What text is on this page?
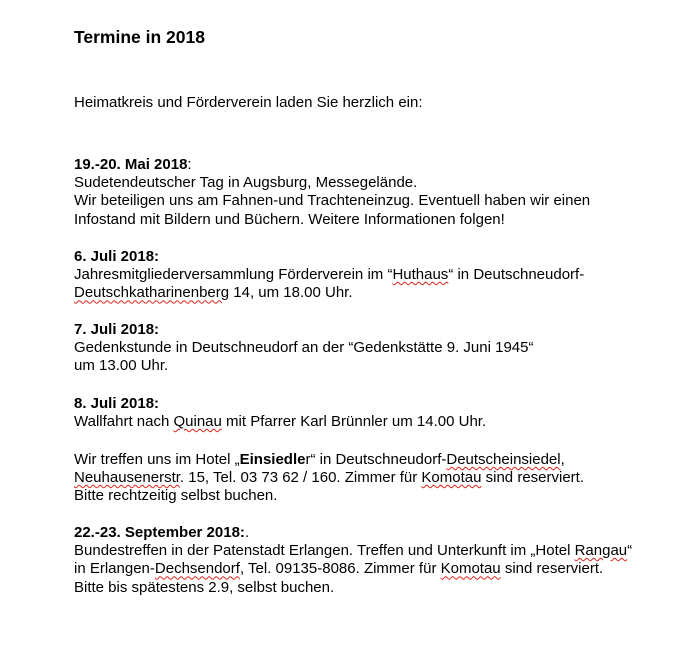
Termine in 2018
Heimatkreis und Förderverein laden Sie herzlich ein:
19.-20. Mai 2018:
Sudetendeutscher Tag in Augsburg, Messegelände.
Wir beteiligen uns am Fahnen-und Trachteneinzug. Eventuell haben wir einen
Infostand mit Bildern und Büchern. Weitere Informationen folgen!
6. Juli 2018:
Jahresmitgliederversammlung Förderverein im “Huthaus“ in Deutschneudorf-
Deutschkatharinenberg 14, um 18.00 Uhr.
7. Juli 2018:
Gedenkstunde in Deutschneudorf an der “Gedenkstätte 9. Juni 1945“
um 13.00 Uhr.
8. Juli 2018:
Wallfahrt nach Quinau mit Pfarrer Karl Brünnler um 14.00 Uhr.
Wir treffen uns im Hotel „Einsiedler“ in Deutschneudorf-Deutscheinsiedel,
Neuhausenerstr. 15, Tel. 03 73 62 / 160. Zimmer für Komotau sind reserviert.
Bitte rechtzeitig selbst buchen.
22.-23. September 2018:.
Bundestreffen in der Patenstadt Erlangen. Treffen und Unterkunft im „Hotel Rangau“
in Erlangen-Dechsendorf, Tel. 09135-8086. Zimmer für Komotau sind reserviert.
Bitte bis spätestens 2.9, selbst buchen.
